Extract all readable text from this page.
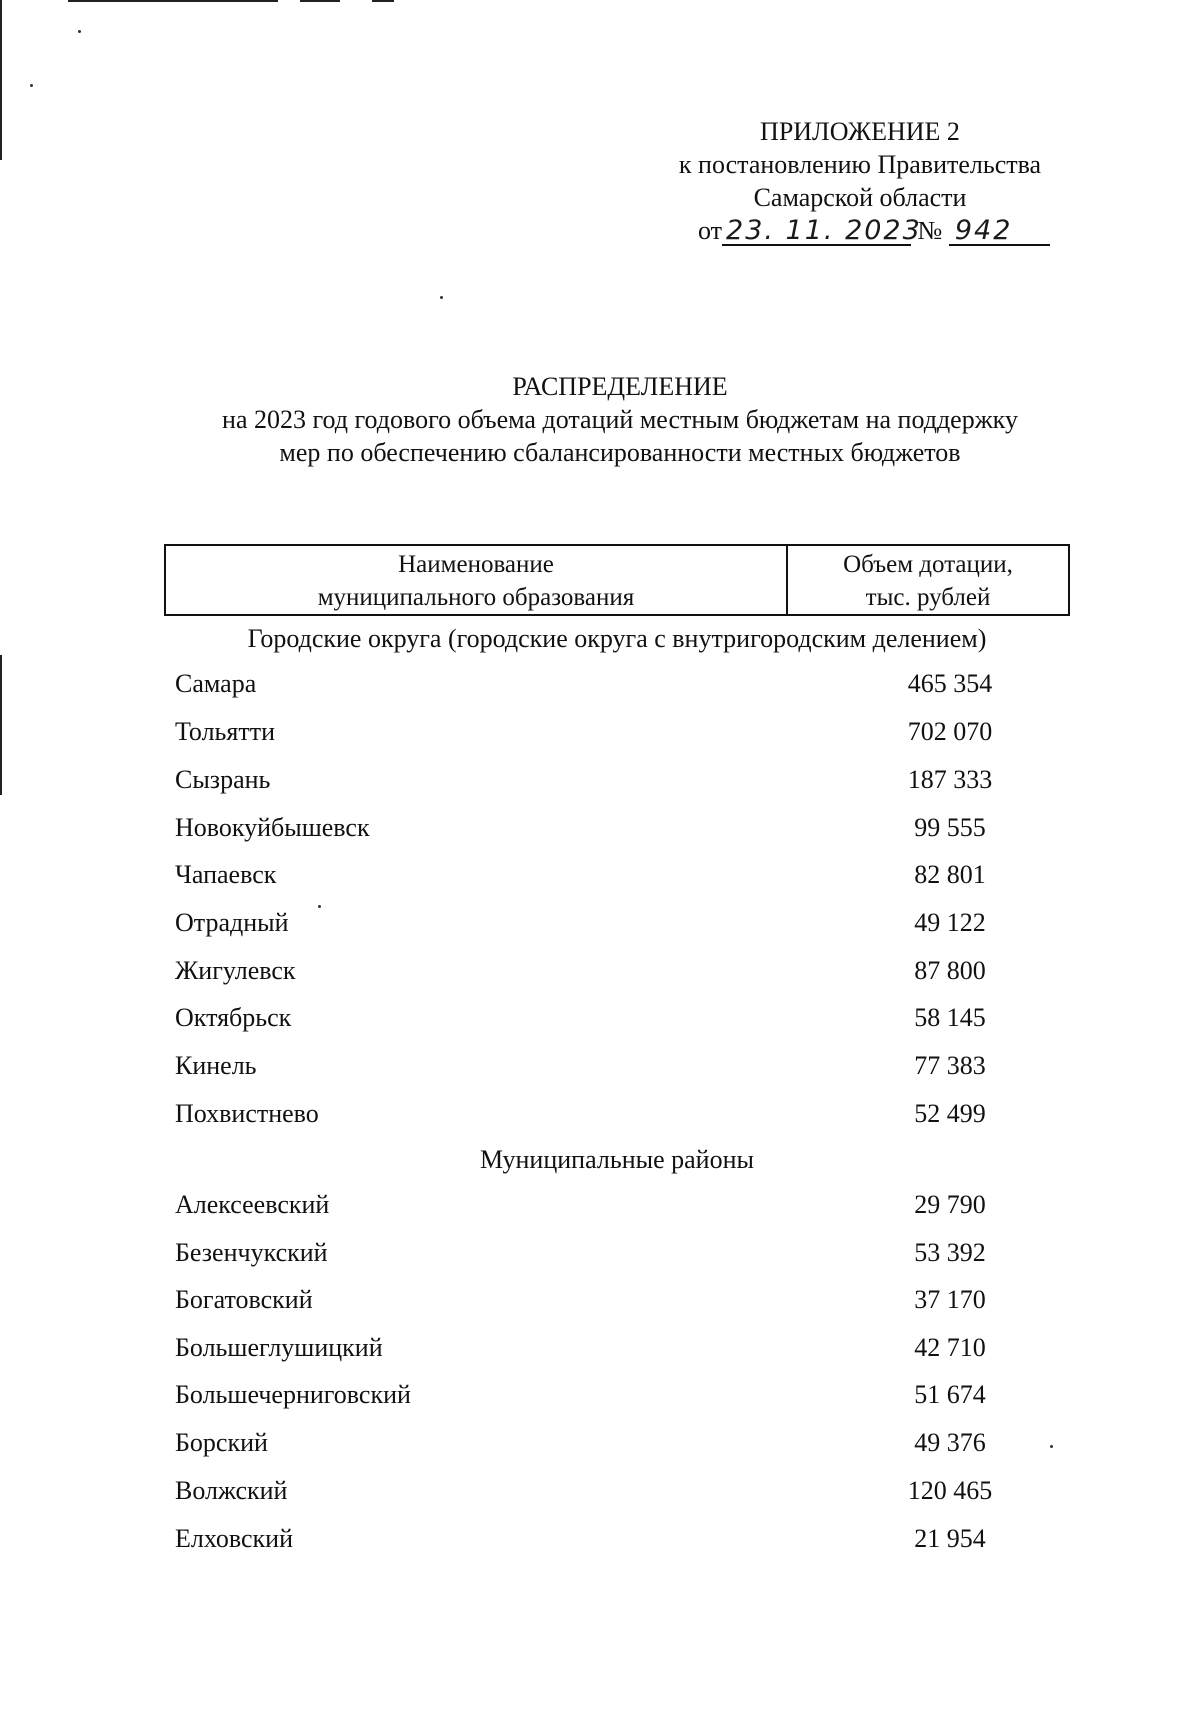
ПРИЛОЖЕНИЕ 2
к постановлению Правительства
Самарской области
от 23. 11. 2023 № 942
РАСПРЕДЕЛЕНИЕ
на 2023 год годового объема дотаций местным бюджетам на поддержку
мер по обеспечению сбалансированности местных бюджетов
Наименование
муниципального образования
Объем дотации,
тыс. рублей
Городские округа (городские округа с внутригородским делением)
Самара	465 354
Тольятти	702 070
Сызрань	187 333
Новокуйбышевск	99 555
Чапаевск	82 801
Отрадный	49 122
Жигулевск	87 800
Октябрьск	58 145
Кинель	77 383
Похвистнево	52 499
Муниципальные районы
Алексеевский	29 790
Безенчукский	53 392
Богатовский	37 170
Большеглушицкий	42 710
Большечерниговский	51 674
Борский	49 376
Волжский	120 465
Елховский	21 954
